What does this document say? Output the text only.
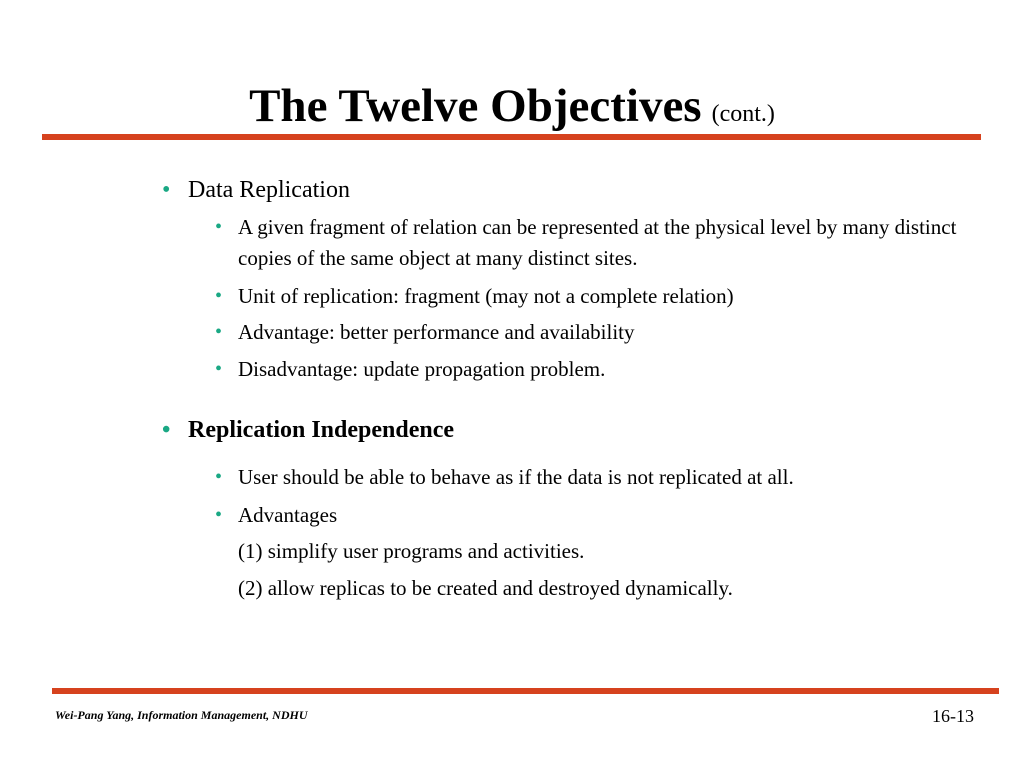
The Twelve Objectives (cont.)
• Data Replication
• A given fragment of relation can be represented at the physical level by many distinct copies of the same object at many distinct sites.
• Unit of replication: fragment (may not a complete relation)
• Advantage: better performance and availability
• Disadvantage: update propagation problem.
• Replication Independence
• User should be able to behave as if the data is not replicated at all.
• Advantages
(1) simplify user programs and activities.
(2) allow replicas to be created and destroyed dynamically.
Wei-Pang Yang, Information Management, NDHU	16-13
